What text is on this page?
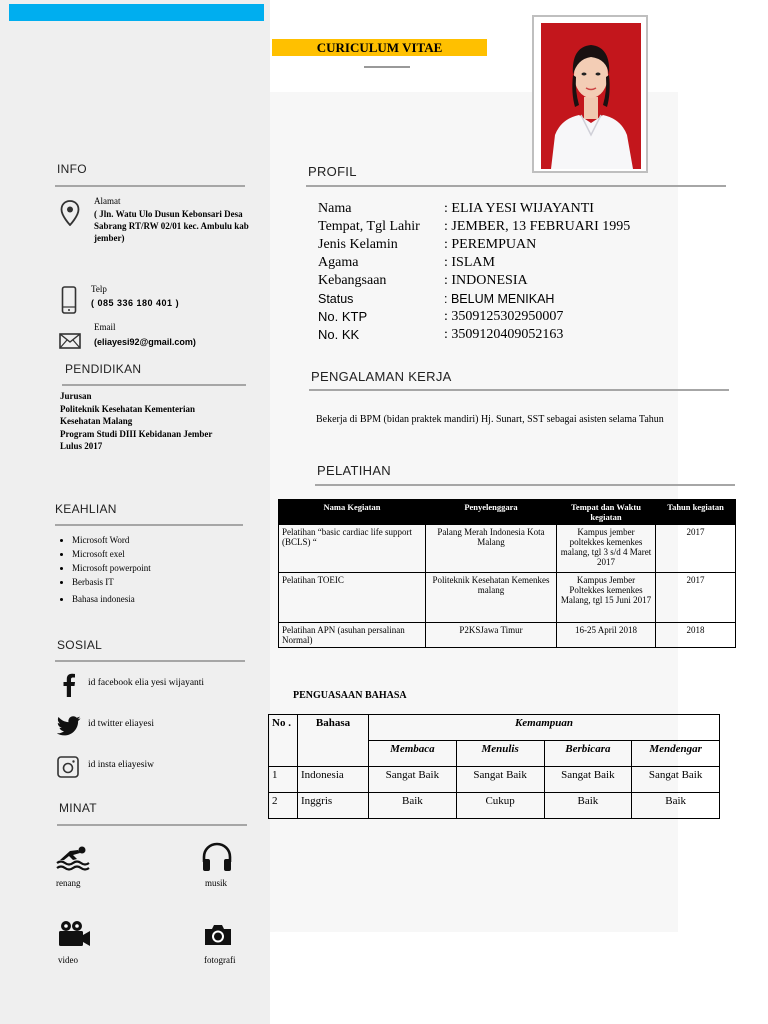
CURICULUM VITAE
INFO
Alamat
( Jln. Watu Ulo Dusun Kebonsari Desa Sabrang RT/RW 02/01 kec. Ambulu kab jember)
Telp
( 085 336 180 401 )
Email
(eliayesi92@gmail.com)
PENDIDIKAN
Jurusan
Politeknik Kesehatan Kementerian
Kesehatan Malang
Program Studi DIII Kebidanan Jember
Lulus 2017
KEAHLIAN
• Microsoft Word
• Microsoft exel
• Microsoft powerpoint
• Berbasis IT
• Bahasa indonesia
SOSIAL
id facebook elia yesi wijayanti
id twitter eliayesi
id insta eliayesiw
MINAT
renang	musik
video	fotografi
PROFIL
Nama	: ELIA YESI WIJAYANTI
Tempat, Tgl Lahir	: JEMBER, 13 FEBRUARI 1995
Jenis Kelamin	: PEREMPUAN
Agama	: ISLAM
Kebangsaan	: INDONESIA
Status	: BELUM MENIKAH
No. KTP	: 3509125302950007
No. KK	: 3509120409052163
PENGALAMAN KERJA
Bekerja di BPM (bidan praktek mandiri) Hj. Sunart, SST sebagai asisten selama Tahun
PELATIHAN
Nama Kegiatan	Penyelenggara	Tempat dan Waktu kegiatan	Tahun kegiatan
Pelatihan “basic cardiac life support (BCLS) “	Palang Merah Indonesia Kota Malang	Kampus jember poltekkes kemenkes malang, tgl 3 s/d 4 Maret 2017	2017
Pelatihan TOEIC	Politeknik Kesehatan Kemenkes malang	Kampus Jember Poltekkes kemenkes Malang, tgl 15 Juni 2017	2017
Pelatihan APN (asuhan persalinan Normal)	P2KSJawa Timur	16-25 April 2018	2018
PENGUASAAN BAHASA
No .	Bahasa	Kemampuan			
		Membaca	Menulis	Berbicara	Mendengar
1	Indonesia	Sangat Baik	Sangat Baik	Sangat Baik	Sangat Baik
2	Inggris	Baik	Cukup	Baik	Baik
